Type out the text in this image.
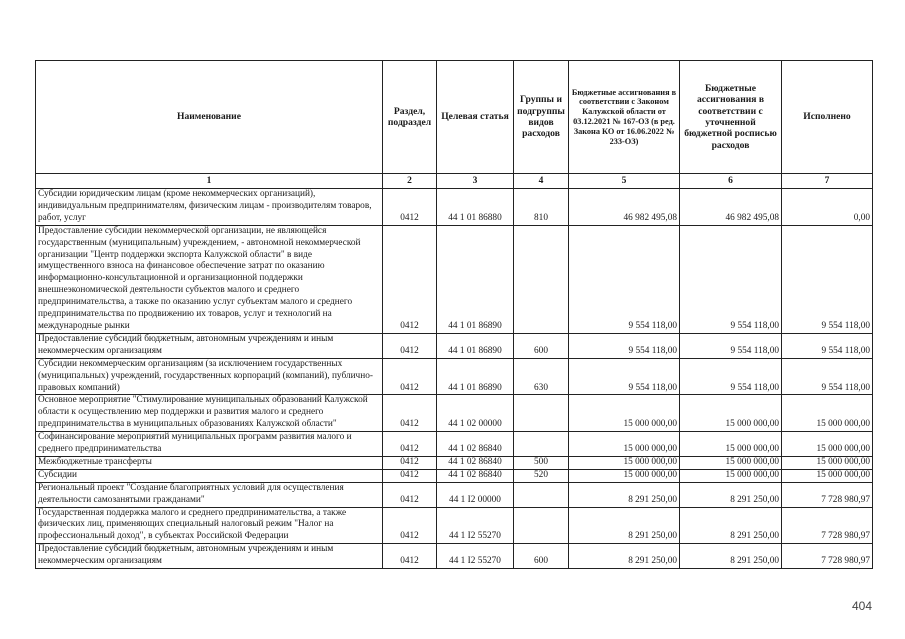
Наименование	Раздел, подраздел	Целевая статья	Группы и подгруппы видов расходов	Бюджетные ассигнования в соответствии с Законом Калужской области от 03.12.2021 № 167-ОЗ (в ред. Закона КО от 16.06.2022 № 233-ОЗ)	Бюджетные ассигнования в соответствии с уточненной бюджетной росписью расходов	Исполнено
1	2	3	4	5	6	7
Субсидии юридическим лицам (кроме некоммерческих организаций), индивидуальным предпринимателям, физическим лицам - производителям товаров, работ, услуг	0412	44 1 01 86880	810	46 982 495,08	46 982 495,08	0,00
Предоставление субсидии некоммерческой организации, не являющейся государственным (муниципальным) учреждением, - автономной некоммерческой организации "Центр поддержки экспорта Калужской области" в виде имущественного взноса на финансовое обеспечение затрат по оказанию информационно-консультационной и организационной поддержки внешнеэкономической деятельности субъектов малого и среднего предпринимательства, а также по оказанию услуг субъектам малого и среднего предпринимательства по продвижению их товаров, услуг и технологий на международные рынки	0412	44 1 01 86890		9 554 118,00	9 554 118,00	9 554 118,00
Предоставление субсидий бюджетным, автономным учреждениям и иным некоммерческим организациям	0412	44 1 01 86890	600	9 554 118,00	9 554 118,00	9 554 118,00
Субсидии некоммерческим организациям (за исключением государственных (муниципальных) учреждений, государственных корпораций (компаний), публично-правовых компаний)	0412	44 1 01 86890	630	9 554 118,00	9 554 118,00	9 554 118,00
Основное мероприятие "Стимулирование муниципальных образований Калужской области к осуществлению мер поддержки и развития малого и среднего предпринимательства в муниципальных образованиях Калужской области"	0412	44 1 02 00000		15 000 000,00	15 000 000,00	15 000 000,00
Софинансирование мероприятий муниципальных программ развития малого и среднего предпринимательства	0412	44 1 02 86840		15 000 000,00	15 000 000,00	15 000 000,00
Межбюджетные трансферты	0412	44 1 02 86840	500	15 000 000,00	15 000 000,00	15 000 000,00
Субсидии	0412	44 1 02 86840	520	15 000 000,00	15 000 000,00	15 000 000,00
Региональный проект "Создание благоприятных условий для осуществления деятельности самозанятыми гражданами"	0412	44 1 I2 00000		8 291 250,00	8 291 250,00	7 728 980,97
Государственная поддержка малого и среднего предпринимательства, а также физических лиц, применяющих специальный налоговый режим "Налог на профессиональный доход", в субъектах Российской Федерации	0412	44 1 I2 55270		8 291 250,00	8 291 250,00	7 728 980,97
Предоставление субсидий бюджетным, автономным учреждениям и иным некоммерческим организациям	0412	44 1 I2 55270	600	8 291 250,00	8 291 250,00	7 728 980,97
404
